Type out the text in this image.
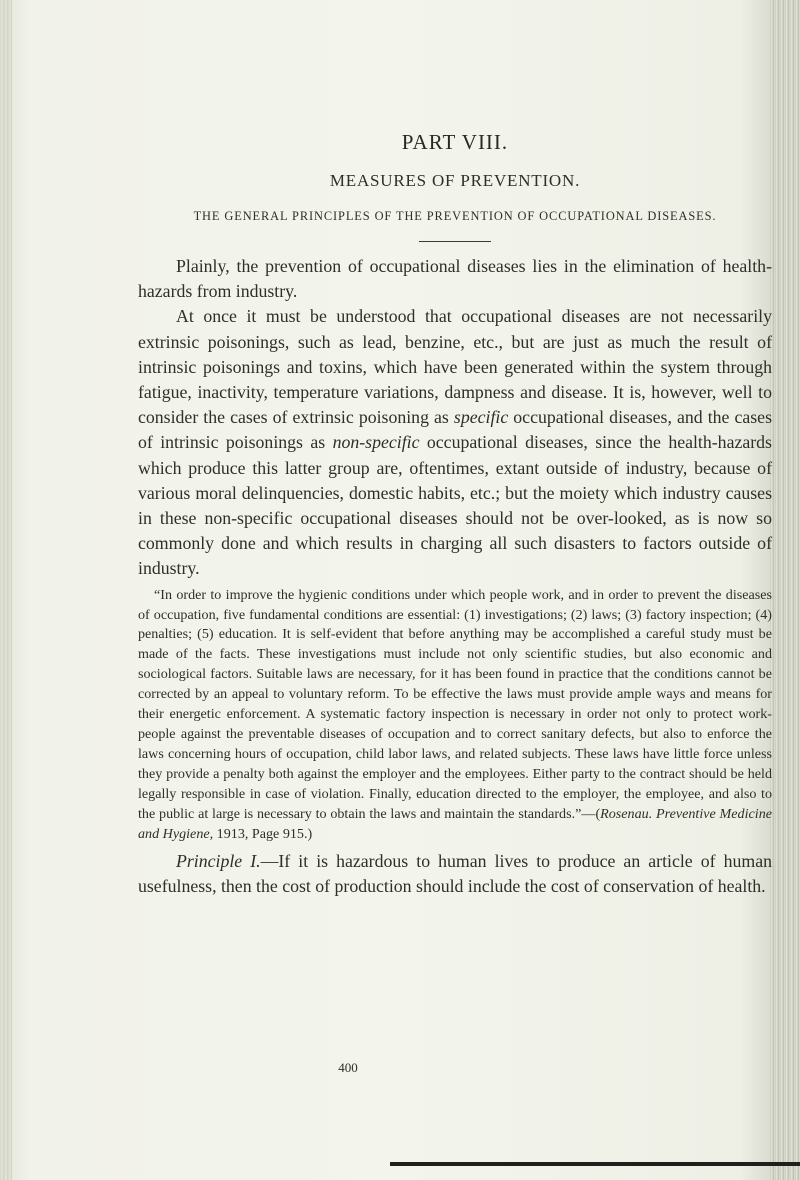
PART VIII.
MEASURES OF PREVENTION.
THE GENERAL PRINCIPLES OF THE PREVENTION OF OCCUPATIONAL DISEASES.

Plainly, the prevention of occupational diseases lies in the elimination of health-hazards from industry.

At once it must be understood that occupational diseases are not necessarily extrinsic poisonings, such as lead, benzine, etc., but are just as much the result of intrinsic poisonings and toxins, which have been generated within the system through fatigue, inactivity, temperature variations, dampness and disease. It is, however, well to consider the cases of extrinsic poisoning as specific occupational diseases, and the cases of intrinsic poisonings as non-specific occupational diseases, since the health-hazards which produce this latter group are, oftentimes, extant outside of industry, because of various moral delinquencies, domestic habits, etc.; but the moiety which industry causes in these non-specific occupational diseases should not be over-looked, as is now so commonly done and which results in charging all such disasters to factors outside of industry.

“In order to improve the hygienic conditions under which people work, and in order to prevent the diseases of occupation, five fundamental conditions are essential: (1) investigations; (2) laws; (3) factory inspection; (4) penalties; (5) education. It is self-evident that before anything may be accomplished a careful study must be made of the facts. These investigations must include not only scientific studies, but also economic and sociological factors. Suitable laws are necessary, for it has been found in practice that the conditions cannot be corrected by an appeal to voluntary reform. To be effective the laws must provide ample ways and means for their energetic enforcement. A systematic factory inspection is necessary in order not only to protect work-people against the preventable diseases of occupation and to correct sanitary defects, but also to enforce the laws concerning hours of occupation, child labor laws, and related subjects. These laws have little force unless they provide a penalty both against the employer and the employees. Either party to the contract should be held legally responsible in case of violation. Finally, education directed to the employer, the employee, and also to the public at large is necessary to obtain the laws and maintain the standards.”—(Rosenau. Preventive Medicine and Hygiene, 1913, Page 915.)

Principle I.—If it is hazardous to human lives to produce an article of human usefulness, then the cost of production should include the cost of conservation of health.

400
